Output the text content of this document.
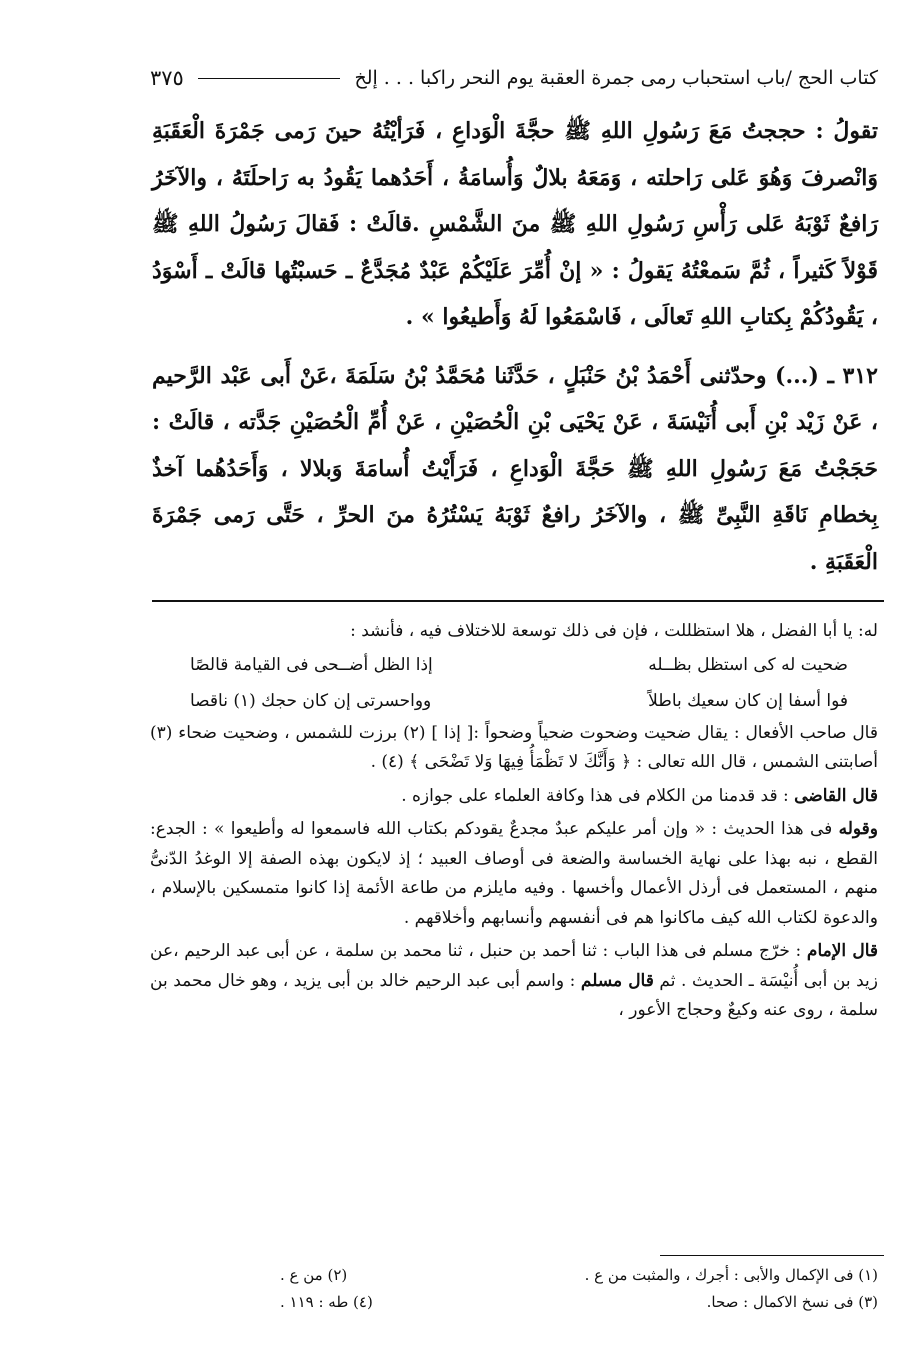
كتاب الحج /باب استحباب رمى جمرة العقبة يوم النحر راكبا . . . إلخ
٣٧٥

تقولُ : حججتُ مَعَ رَسُولِ اللهِ ﷺ حجَّةَ الْوَداعِ ، فَرَأيْتُهُ حينَ رَمى جَمْرَةَ الْعَقَبَةِ وَانْصرفَ وَهُوَ عَلى رَاحلته ، وَمَعَهُ بلالٌ وَأُسامَةُ ، أَحَدُهما يَقُودُ به رَاحلَتَهُ ، والآخَرُ رَافعٌ ثَوْبَهُ عَلى رَأْسِ رَسُولِ اللهِ ﷺ منَ الشَّمْسِ .قالَتْ : فَقالَ رَسُولُ اللهِ ﷺ قَوْلاً كَثيراً ، ثُمَّ سَمعْتُهُ يَقولُ : « إنْ أُمِّرَ عَلَيْكُمْ عَبْدٌ مُجَدَّعٌ ـ حَسبْتُها قالَتْ ـ أَسْوَدُ ، يَقُودُكُمْ بِكتابِ اللهِ تَعالَى ، فَاسْمَعُوا لَهُ وَأَطيعُوا » .

٣١٢ ـ (...) وحدّثنى أَحْمَدُ بْنُ حَنْبَلٍ ، حَدَّثَنا مُحَمَّدُ بْنُ سَلَمَةَ ،عَنْ أَبى عَبْد الرَّحيم ، عَنْ زَيْد بْنِ أَبى أُنَيْسَةَ ، عَنْ يَحْيَى بْنِ الْحُصَيْنِ ، عَنْ أُمِّ الْحُصَيْنِ جَدَّته ، قالَتْ : حَجَجْتُ مَعَ رَسُولِ اللهِ ﷺ حَجَّةَ الْوَداعِ ، فَرَأَيْتُ أُسامَةَ وَبلالا ، وَأَحَدُهُما آخذٌ بِخطامِ نَاقَةِ النَّبِىِّ ﷺ ، والآخَرُ رافعٌ ثَوْبَهُ يَسْتُرُهُ منَ الحرِّ ، حَتَّى رَمى جَمْرَةَ الْعَقَبَةِ .

له: يا أبا الفضل ، هلا استظللت ، فإن فى ذلك توسعة للاختلاف فيه ، فأنشد :

ضحيت له كى استظل بظــله
إذا الظل أضــحى فى القيامة قالصًا
فوا أسفا إن كان سعيك باطلاً
وواحسرتى إن كان حجك (١) ناقصا

قال صاحب الأفعال : يقال ضحيت وضحوت ضحياً وضحواً :[ إذا ] (٢) برزت للشمس ، وضحيت ضحاء (٣) أصابتنى الشمس ، قال الله تعالى : ﴿ وَأَنَّكَ لا تَظْمَأُ فِيهَا وَلا تَضْحَى ﴾ (٤) .

قال القاضى : قد قدمنا من الكلام فى هذا وكافة العلماء على جوازه .

وقوله فى هذا الحديث : « وإن أمر عليكم عبدٌ مجدعٌ يقودكم بكتاب الله فاسمعوا له وأطيعوا » : الجدع: القطع ، نبه بهذا على نهاية الخساسة والضعة فى أوصاف العبيد ؛ إذ لايكون بهذه الصفة إلا الوغدُ الدّنىُّ منهم ، المستعمل فى أرذل الأعمال وأخسها . وفيه مايلزم من طاعة الأئمة إذا كانوا متمسكين بالإسلام ، والدعوة لكتاب الله كيف ماكانوا هم فى أنفسهم وأنسابهم وأخلاقهم .

قال الإمام : خرّج مسلم فى هذا الباب : ثنا أحمد بن حنبل ، ثنا محمد بن سلمة ، عن أبى عبد الرحيم ،عن زيد بن أبى أُنيْسَة ـ الحديث . ثم قال مسلم : واسم أبى عبد الرحيم خالد بن أبى يزيد ، وهو خال محمد بن سلمة ، روى عنه وكيعٌ وحجاج الأعور ،

(١) فى الإكمال والأبى : أجرك ، والمثبت من ع .
(٢) من ع .
(٣) فى نسخ الاكمال : صحا.
(٤) طه : ١١٩ .
